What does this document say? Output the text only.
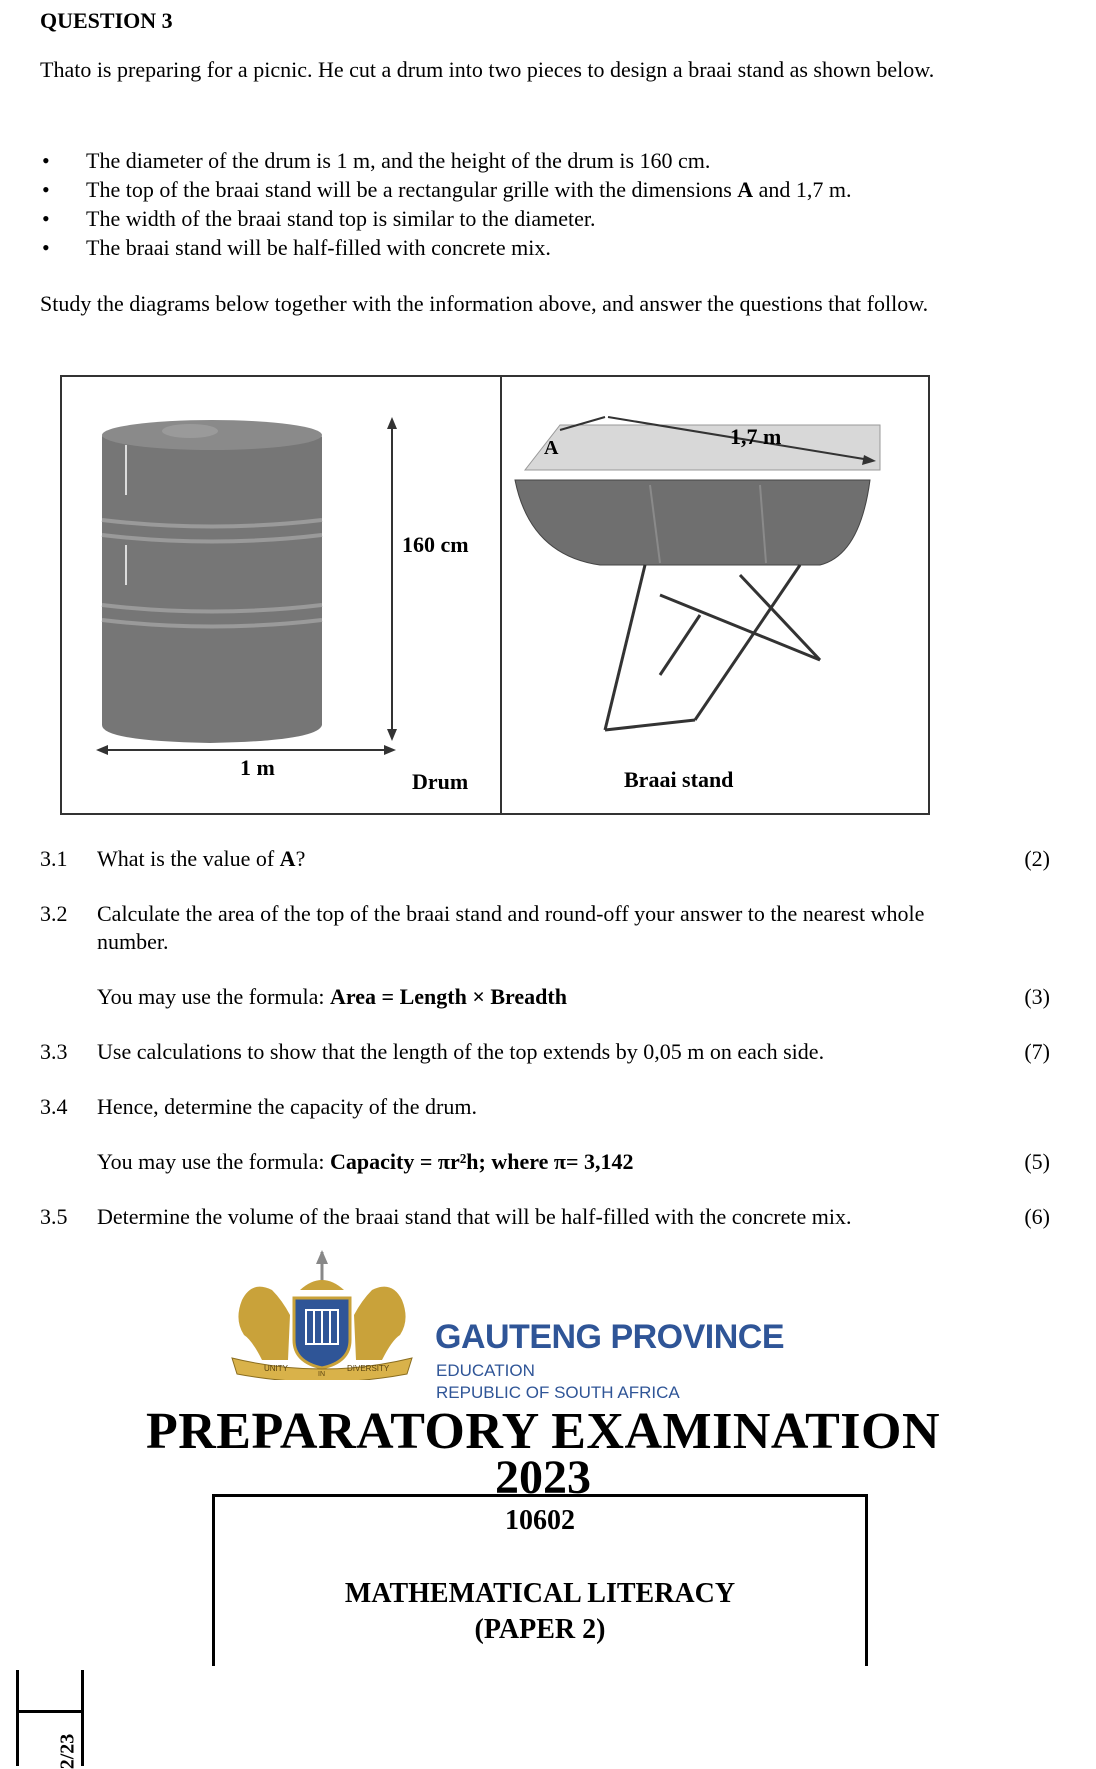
QUESTION 3
Thato is preparing for a picnic. He cut a drum into two pieces to design a braai stand as shown below.
• The diameter of the drum is 1 m, and the height of the drum is 160 cm.
• The top of the braai stand will be a rectangular grille with the dimensions A and 1,7 m.
• The width of the braai stand top is similar to the diameter.
• The braai stand will be half-filled with concrete mix.
Study the diagrams below together with the information above, and answer the questions that follow.
160 cm
1 m
Drum
A	1,7 m
Braai stand
3.1	What is the value of A?	(2)
3.2	Calculate the area of the top of the braai stand and round-off your answer to the nearest whole number.
You may use the formula: Area = Length × Breadth	(3)
3.3	Use calculations to show that the length of the top extends by 0,05 m on each side.	(7)
3.4	Hence, determine the capacity of the drum.
You may use the formula: Capacity = πr²h; where π= 3,142	(5)
3.5	Determine the volume of the braai stand that will be half-filled with the concrete mix.	(6)
UNITY
IN
DIVERSITY
GAUTENG PROVINCE
EDUCATION
REPUBLIC OF SOUTH AFRICA
PREPARATORY EXAMINATION
2023
10602
MATHEMATICAL LITERACY
(PAPER 2)
2/23
